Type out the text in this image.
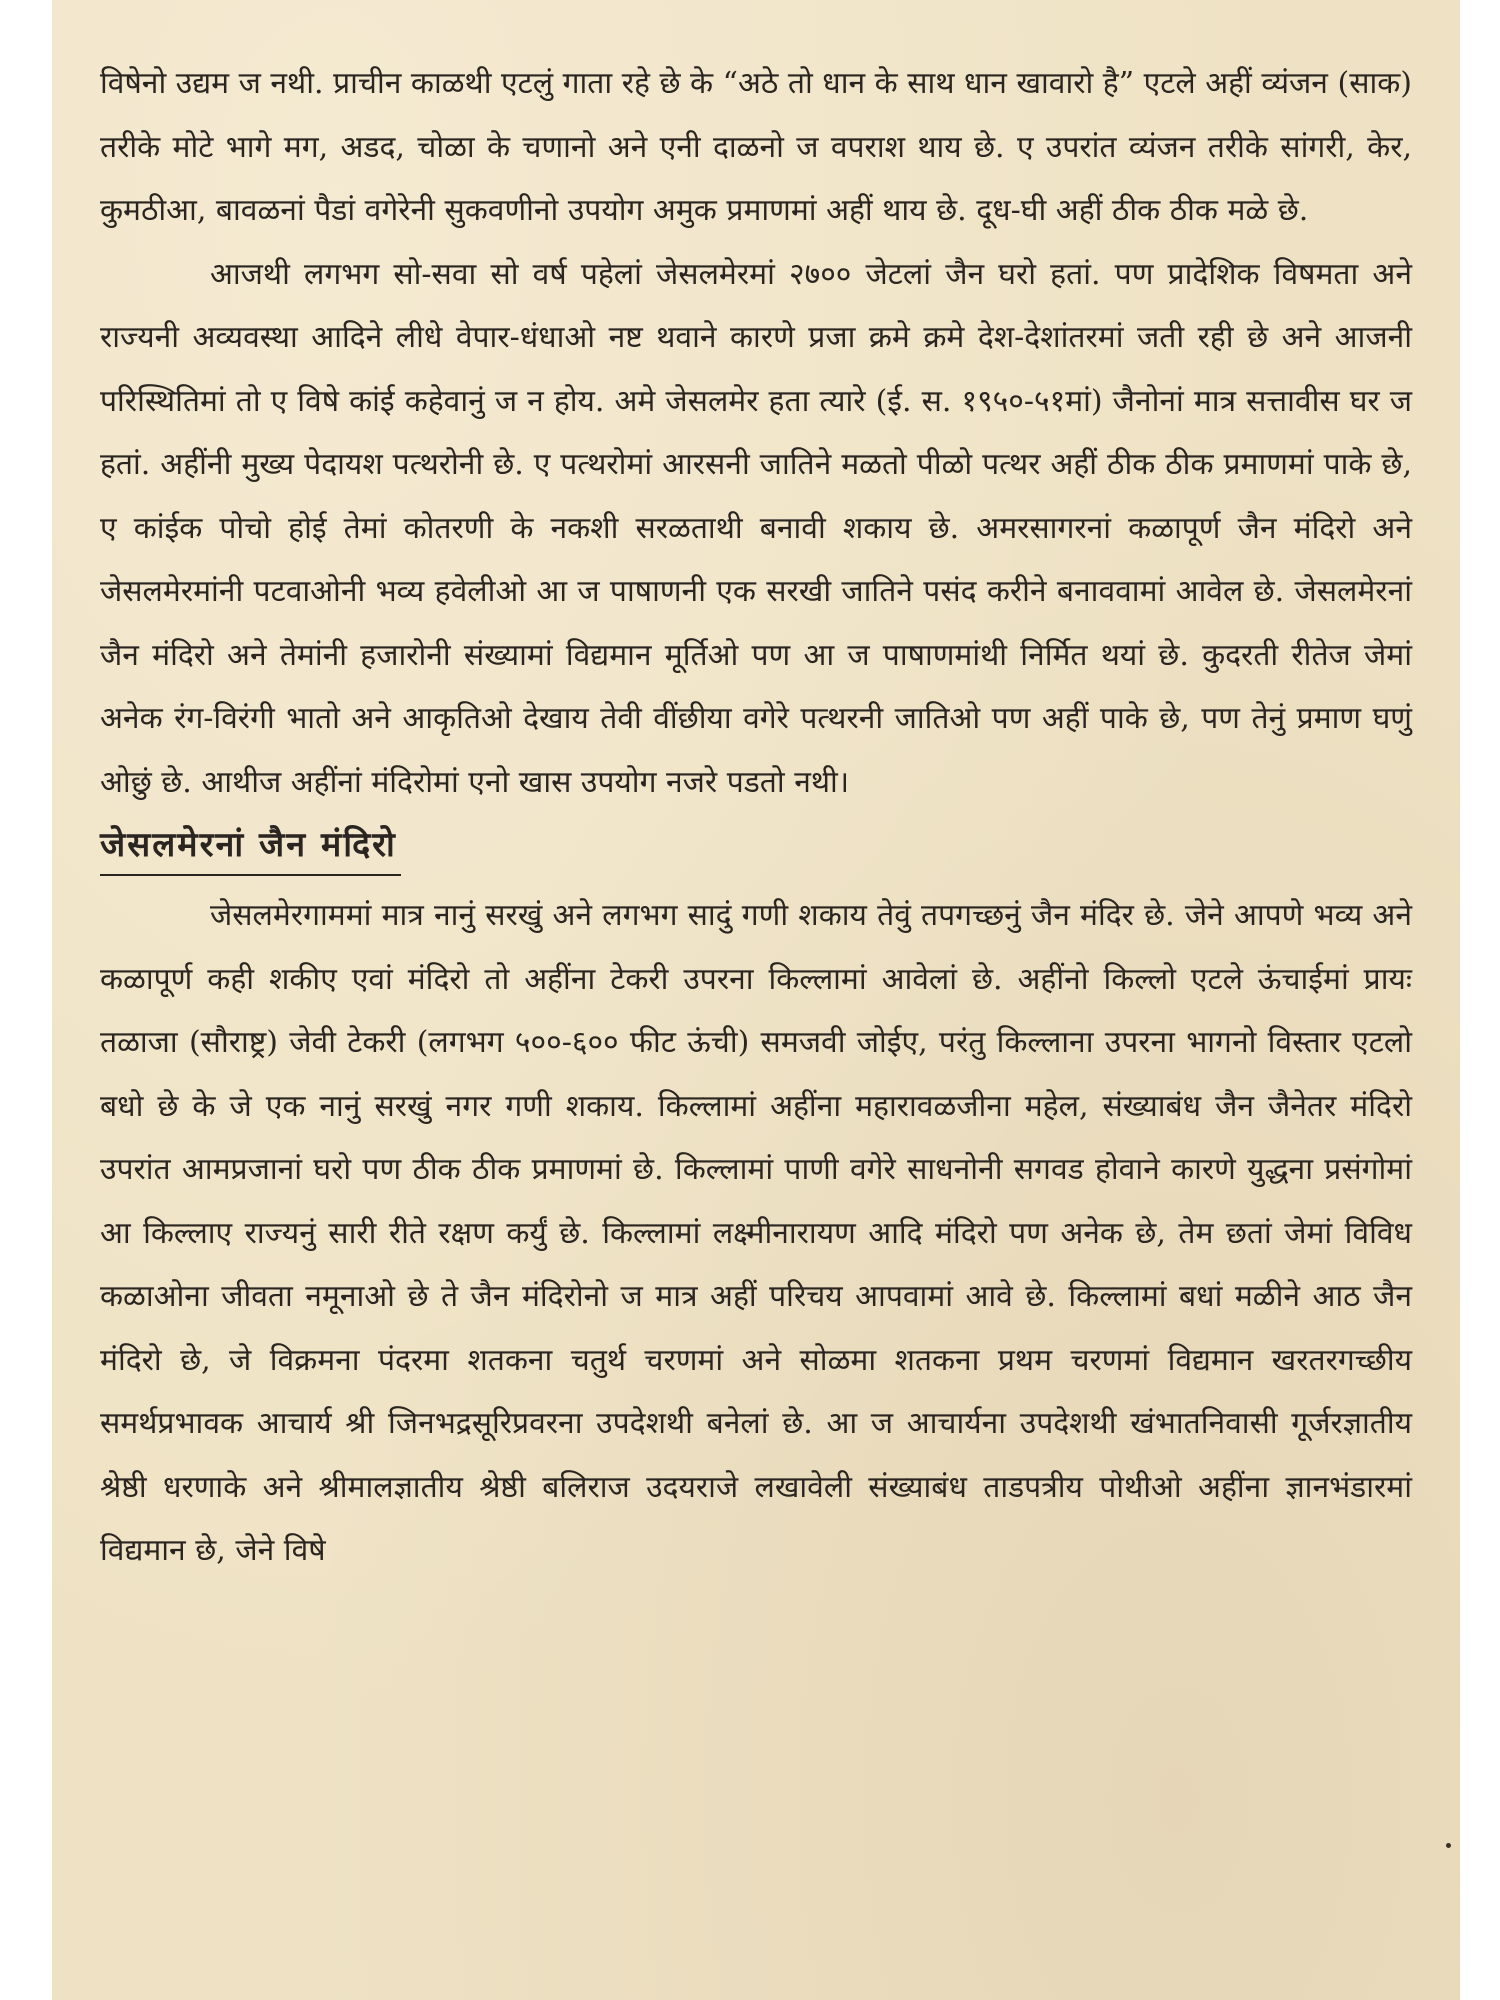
विषेनो उद्यम ज नथी. प्राचीन काळथी एटलुं गाता रहे छे के “अठे तो धान के साथ धान खावारो है” एटले अहीं व्यंजन (साक) तरीके मोटे भागे मग, अडद, चोळा के चणानो अने एनी दाळनो ज वपराश थाय छे. ए उपरांत व्यंजन तरीके सांगरी, केर, कुमठीआ, बावळनां पैडां वगेरेनी सुकवणीनो उपयोग अमुक प्रमाणमां अहीं थाय छे. दूध-घी अहीं ठीक ठीक मळे छे.

आजथी लगभग सो-सवा सो वर्ष पहेलां जेसलमेरमां २७०० जेटलां जैन घरो हतां. पण प्रादेशिक विषमता अने राज्यनी अव्यवस्था आदिने लीधे वेपार-धंधाओ नष्ट थवाने कारणे प्रजा क्रमे क्रमे देश-देशांतरमां जती रही छे अने आजनी परिस्थितिमां तो ए विषे कांई कहेवानुं ज न होय. अमे जेसलमेर हता त्यारे (ई. स. १९५०-५१मां) जैनोनां मात्र सत्तावीस घर ज हतां. अहींनी मुख्य पेदायश पत्थरोनी छे. ए पत्थरोमां आरसनी जातिने मळतो पीळो पत्थर अहीं ठीक ठीक प्रमाणमां पाके छे, ए कांईक पोचो होई तेमां कोतरणी के नकशी सरळताथी बनावी शकाय छे. अमरसागरनां कळापूर्ण जैन मंदिरो अने जेसलमेरमांनी पटवाओनी भव्य हवेलीओ आ ज पाषाणनी एक सरखी जातिने पसंद करीने बनाववामां आवेल छे. जेसलमेरनां जैन मंदिरो अने तेमांनी हजारोनी संख्यामां विद्यमान मूर्तिओ पण आ ज पाषाणमांथी निर्मित थयां छे. कुदरती रीतेज जेमां अनेक रंग-विरंगी भातो अने आकृतिओ देखाय तेवी वींछीया वगेरे पत्थरनी जातिओ पण अहीं पाके छे, पण तेनुं प्रमाण घणुं ओछुं छे. आथीज अहींनां मंदिरोमां एनो खास उपयोग नजरे पडतो नथी।

जेसलमेरनां जैन मंदिरो

जेसलमेरगाममां मात्र नानुं सरखुं अने लगभग सादुं गणी शकाय तेवुं तपगच्छनुं जैन मंदिर छे. जेने आपणे भव्य अने कळापूर्ण कही शकीए एवां मंदिरो तो अहींना टेकरी उपरना किल्लामां आवेलां छे. अहींनो किल्लो एटले ऊंचाईमां प्रायः तळाजा (सौराष्ट्र) जेवी टेकरी (लगभग ५००-६०० फीट ऊंची) समजवी जोईए, परंतु किल्लाना उपरना भागनो विस्तार एटलो बधो छे के जे एक नानुं सरखुं नगर गणी शकाय. किल्लामां अहींना महारावळजीना महेल, संख्याबंध जैन जैनेतर मंदिरो उपरांत आमप्रजानां घरो पण ठीक ठीक प्रमाणमां छे. किल्लामां पाणी वगेरे साधनोनी सगवड होवाने कारणे युद्धना प्रसंगोमां आ किल्लाए राज्यनुं सारी रीते रक्षण कर्युं छे. किल्लामां लक्ष्मीनारायण आदि मंदिरो पण अनेक छे, तेम छतां जेमां विविध कळाओना जीवता नमूनाओ छे ते जैन मंदिरोनो ज मात्र अहीं परिचय आपवामां आवे छे. किल्लामां बधां मळीने आठ जैन मंदिरो छे, जे विक्रमना पंदरमा शतकना चतुर्थ चरणमां अने सोळमा शतकना प्रथम चरणमां विद्यमान खरतरगच्छीय समर्थप्रभावक आचार्य श्री जिनभद्रसूरिप्रवरना उपदेशथी बनेलां छे. आ ज आचार्यना उपदेशथी खंभातनिवासी गूर्जरज्ञातीय श्रेष्ठी धरणाके अने श्रीमालज्ञातीय श्रेष्ठी बलिराज उदयराजे लखावेली संख्याबंध ताडपत्रीय पोथीओ अहींना ज्ञानभंडारमां विद्यमान छे, जेने विषे
